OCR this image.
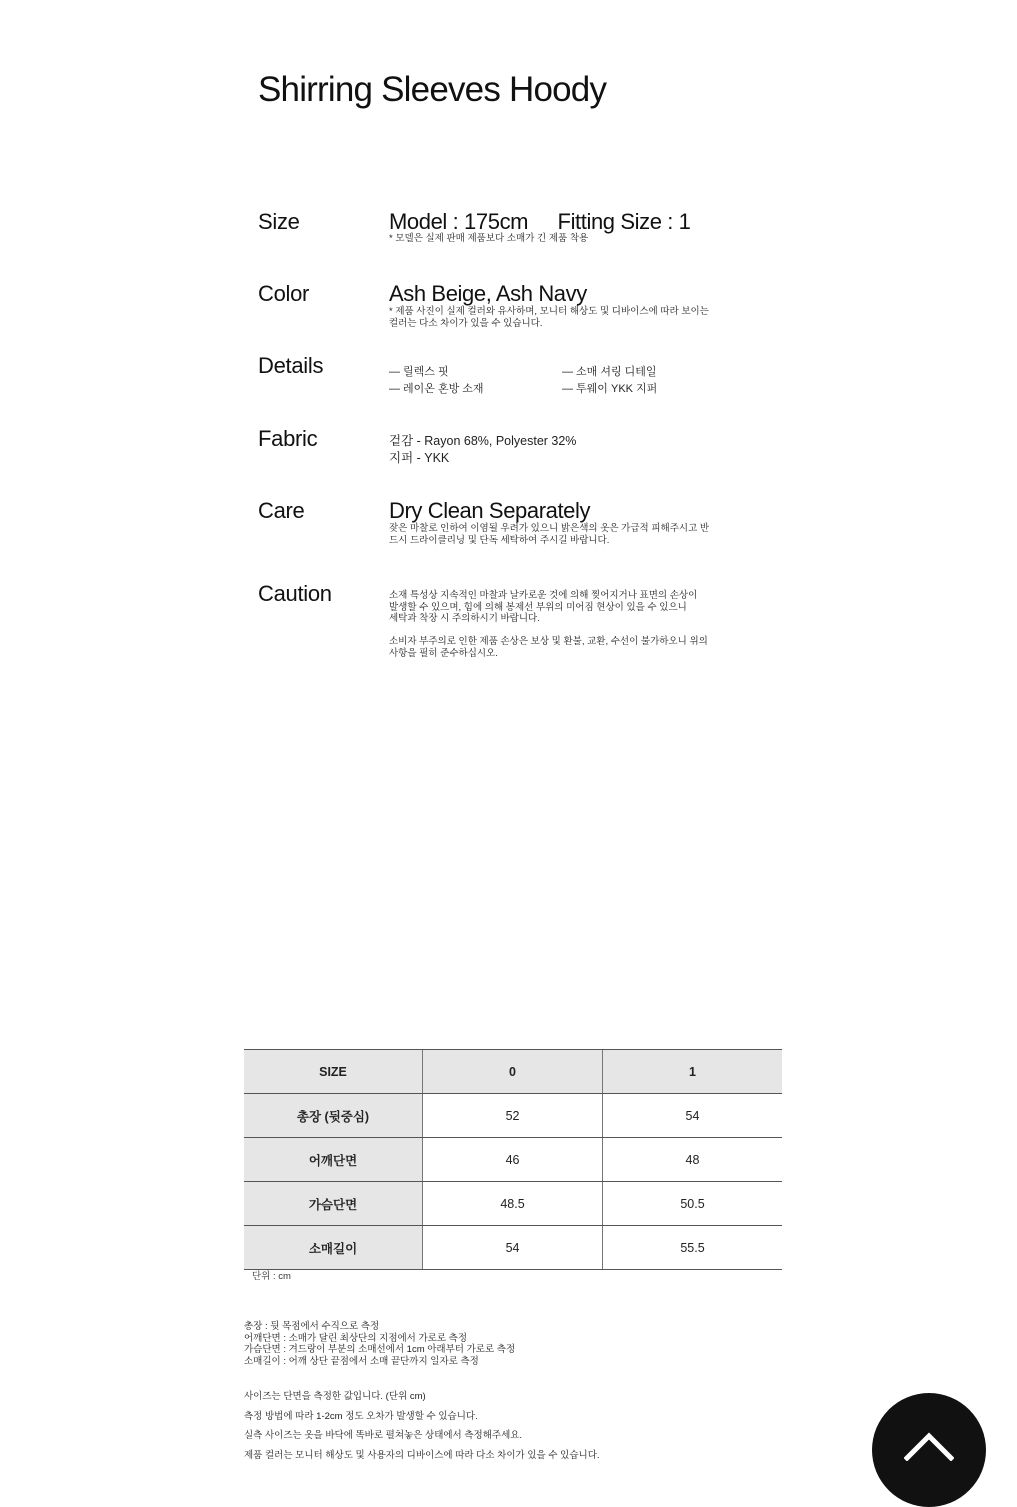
Shirring Sleeves Hoody
Size	Model : 175cm Fitting Size : 1
* 모델은 실제 판매 제품보다 소매가 긴 제품 착용
Color	Ash Beige, Ash Navy
* 제품 사진이 실제 컬러와 유사하며, 모니터 해상도 및 디바이스에 따라 보이는
컬러는 다소 차이가 있을 수 있습니다.
Details	— 릴렉스 핏	— 소매 셔링 디테일
— 레이온 혼방 소재	— 투웨이 YKK 지퍼
Fabric	겉감 - Rayon 68%, Polyester 32%
지퍼 - YKK
Care	Dry Clean Separately
잦은 마찰로 인하여 이염될 우려가 있으니 밝은색의 옷은 가급적 피해주시고 반
드시 드라이클리닝 및 단독 세탁하여 주시길 바랍니다.
Caution	소재 특성상 지속적인 마찰과 날카로운 것에 의해 찢어지거나 표면의 손상이
발생할 수 있으며, 힘에 의해 봉제선 부위의 미어짐 현상이 있을 수 있으니
세탁과 착장 시 주의하시기 바랍니다.
소비자 부주의로 인한 제품 손상은 보상 및 환불, 교환, 수선이 불가하오니 위의
사항을 필히 준수하십시오.
SIZE	0	1
총장 (뒷중심)	52	54
어깨단면	46	48
가슴단면	48.5	50.5
소매길이	54	55.5
단위 : cm
총장 : 뒷 목점에서 수직으로 측정
어깨단면 : 소매가 달린 최상단의 지점에서 가로로 측정
가슴단면 : 겨드랑이 부분의 소매선에서 1cm 아래부터 가로로 측정
소매길이 : 어깨 상단 끝점에서 소매 끝단까지 일자로 측정
사이즈는 단면을 측정한 값입니다. (단위 cm)
측정 방법에 따라 1-2cm 정도 오차가 발생할 수 있습니다.
실측 사이즈는 옷을 바닥에 똑바로 펼쳐놓은 상태에서 측정해주세요.
제품 컬러는 모니터 해상도 및 사용자의 디바이스에 따라 다소 차이가 있을 수 있습니다.
